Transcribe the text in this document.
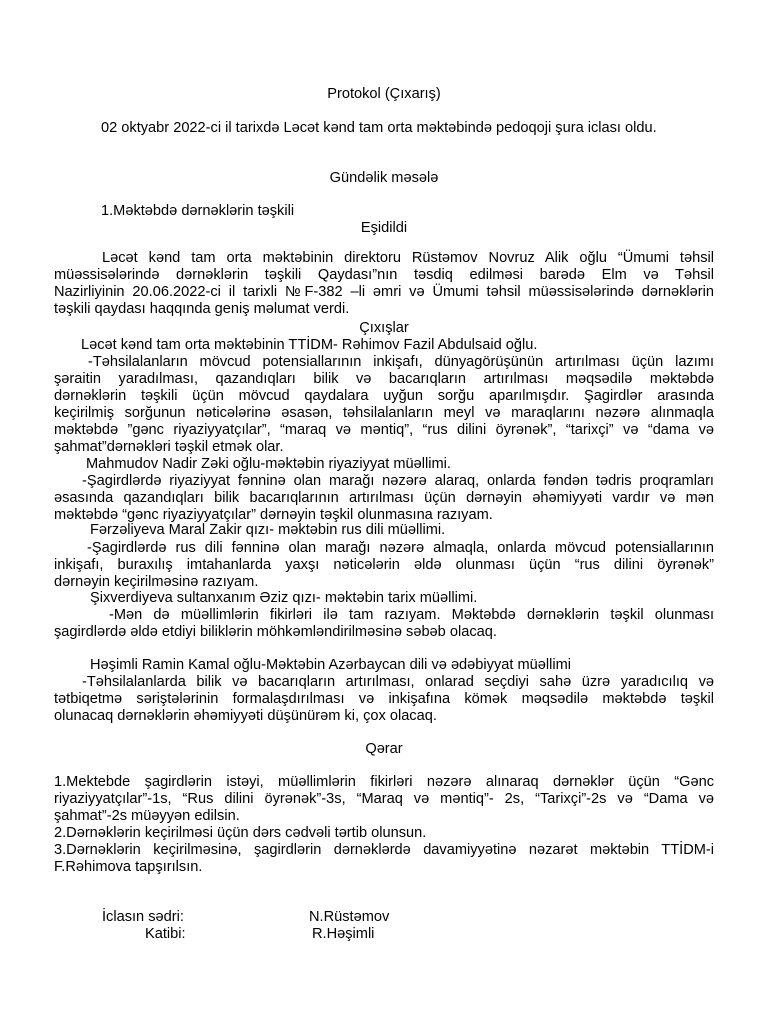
Protokol (Çıxarış)
02 oktyabr 2022-ci il tarixdə Ləcət kənd tam orta məktəbində pedoqoji şura iclası oldu.
Gündəlik məsələ
1.Məktəbdə dərnəklərin təşkili
Eşidildi
Ləcət kənd tam orta məktəbinin direktoru Rüstəmov Novruz Alik oğlu “Ümumi təhsil
müəssisələrində dərnəklərin təşkili Qaydası”nın təsdiq edilməsi barədə Elm və Təhsil
Nazirliyinin 20.06.2022-ci il tarixli №F-382 –li əmri və Ümumi təhsil müəssisələrində dərnəklərin
təşkili qaydası haqqında geniş məlumat verdi.
Çıxışlar
Ləcət kənd tam orta məktəbinin TTİDM- Rəhimov Fazil Abdulsaid oğlu.
-Təhsilalanların mövcud potensiallarının inkişafı, dünyagörüşünün artırılması üçün lazımı
şəraitin yaradılması, qazandıqları bilik və bacarıqların artırılması məqsədilə məktəbdə
dərnəklərin təşkili üçün mövcud qaydalara uyğun sorğu aparılmışdır. Şagirdlər arasında
keçirilmiş sorğunun nəticələrinə əsasən, təhsilalanların meyl və maraqlarını nəzərə alınmaqla
məktəbdə ”gənc riyaziyyatçılar”, “maraq və məntiq”, “rus dilini öyrənək”, “tarixçi” və “dama və
şahmat”dərnəkləri təşkil etmək olar.
Mahmudov Nadir Zəki oğlu-məktəbin riyaziyyat müəllimi.
-Şagirdlərdə riyaziyyat fənninə olan marağı nəzərə alaraq, onlarda fəndən tədris proqramları
əsasında qazandıqları bilik bacarıqlarının artırılması üçün dərnəyin əhəmiyyəti vardır və mən
məktəbdə “gənc riyaziyyatçılar” dərnəyin təşkil olunmasına razıyam.
Fərzəliyeva Maral Zakir qızı- məktəbin rus dili müəllimi.
-Şagirdlərdə rus dili fənninə olan marağı nəzərə almaqla, onlarda mövcud potensiallarının
inkişafı, buraxılış imtahanlarda yaxşı nəticələrin əldə olunması üçün “rus dilini öyrənək”
dərnəyin keçirilməsinə razıyam.
Şixverdiyeva sultanxanım Əziz qızı- məktəbin tarix müəllimi.
-Mən də müəllimlərin fikirləri ilə tam razıyam. Məktəbdə dərnəklərin təşkil olunması
şagirdlərdə əldə etdiyi biliklərin möhkəmləndirilməsinə səbəb olacaq.
Həşimli Ramin Kamal oğlu-Məktəbin Azərbaycan dili və ədəbiyyat müəllimi
-Təhsilalanlarda bilik və bacarıqların artırılması, onlarad seçdiyi sahə üzrə yaradıcılıq və
tətbiqetmə səriştələrinin formalaşdırılması və inkişafına kömək məqsədilə məktəbdə təşkil
olunacaq dərnəklərin əhəmiyyəti düşünürəm ki, çox olacaq.
Qərar
1.Mektebde şagirdlərin istəyi, müəllimlərin fikirləri nəzərə alınaraq dərnəklər üçün “Gənc
riyaziyyatçılar”-1s, “Rus dilini öyrənək”-3s, “Maraq və məntiq”- 2s, “Tarixçi”-2s və “Dama və
şahmat”-2s müəyyən edilsin.
2.Dərnəklərin keçirilməsi üçün dərs cədvəli tərtib olunsun.
3.Dərnəklərin keçirilməsinə, şagirdlərin dərnəklərdə davamiyyətinə nəzarət məktəbin TTİDM-i
F.Rəhimova tapşırılsın.
İclasın sədri:	N.Rüstəmov
Katibi:	R.Həşimli
